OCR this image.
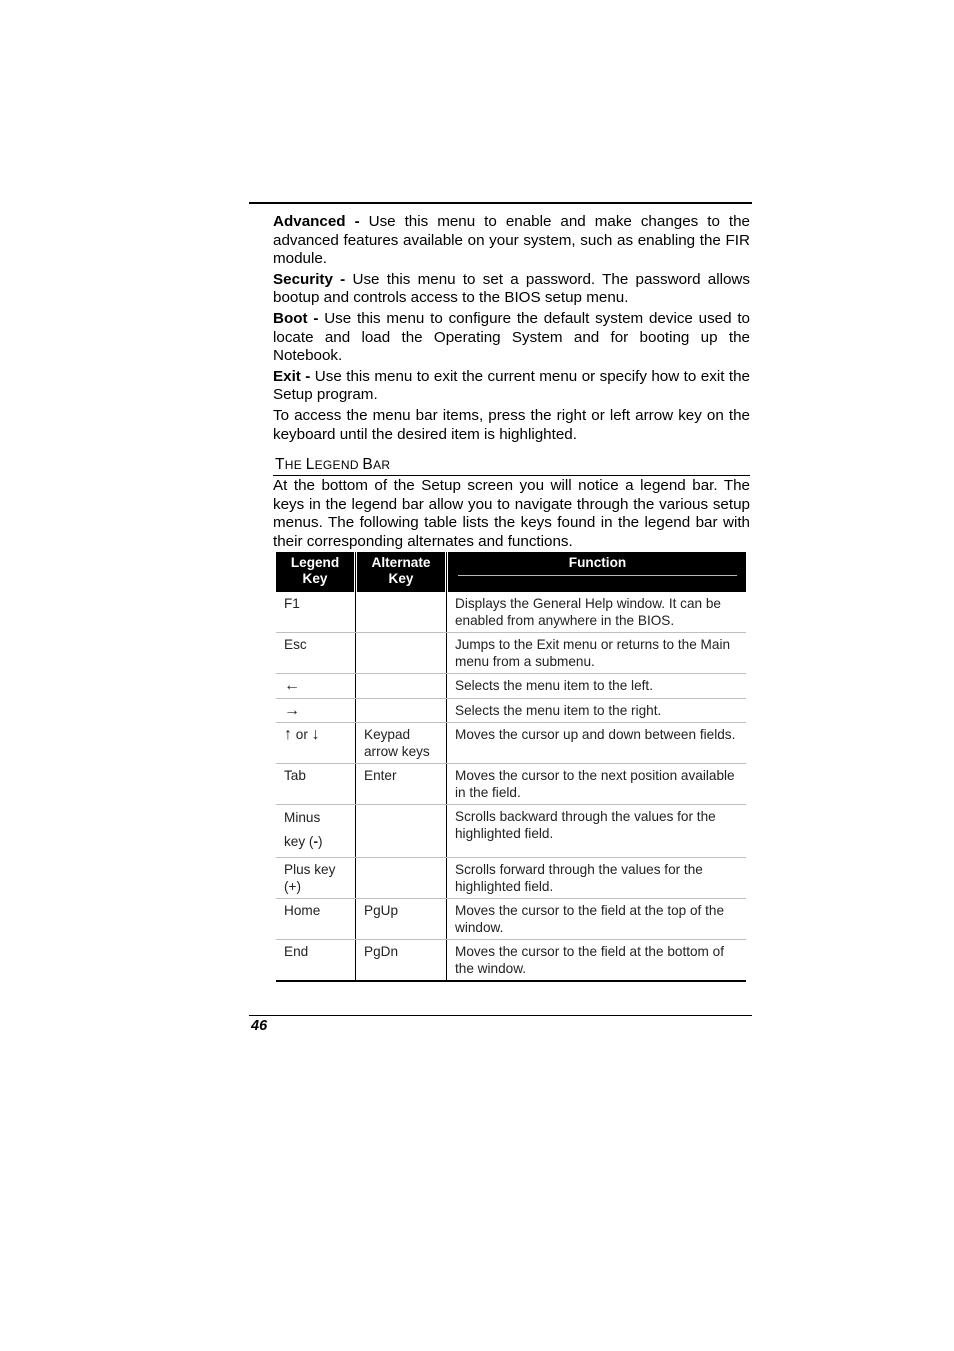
Advanced - Use this menu to enable and make changes to the advanced features available on your system, such as enabling the FIR module.

Security - Use this menu to set a password. The password allows bootup and controls access to the BIOS setup menu.

Boot - Use this menu to configure the default system device used to locate and load the Operating System and for booting up the Notebook.

Exit - Use this menu to exit the current menu or specify how to exit the Setup program.

To access the menu bar items, press the right or left arrow key on the keyboard until the desired item is highlighted.

THE LEGEND BAR

At the bottom of the Setup screen you will notice a legend bar. The keys in the legend bar allow you to navigate through the various setup menus. The following table lists the keys found in the legend bar with their corresponding alternates and functions.

Legend Key	Alternate Key	Function

F1		Displays the General Help window. It can be enabled from anywhere in the BIOS.
Esc		Jumps to the Exit menu or returns to the Main menu from a submenu.
←		Selects the menu item to the left.
→		Selects the menu item to the right.
↑ or ↓	Keypad arrow keys	Moves the cursor up and down between fields.
Tab	Enter	Moves the cursor to the next position available in the field.
Minus
key (-)		Scrolls backward through the values for the highlighted field.
Plus key (+)		Scrolls forward through the values for the highlighted field.
Home	PgUp	Moves the cursor to the field at the top of the window.
End	PgDn	Moves the cursor to the field at the bottom of the window.
46
